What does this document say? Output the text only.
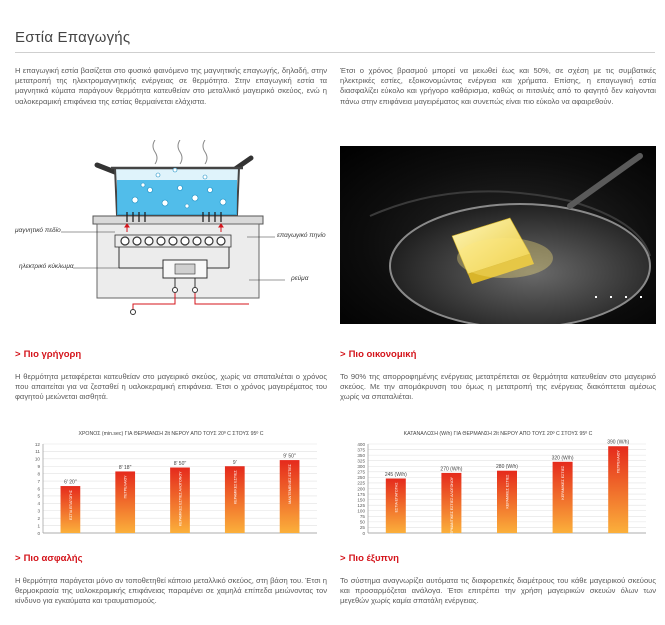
Εστία Επαγωγής
Η επαγωγική εστία βασίζεται στο φυσικό φαινόμενο της μαγνητικής επαγωγής, δηλαδή, στην μετατροπή της ηλεκτρομαγνητικής ενέργειας σε θερμότητα. Στην επαγωγική εστία τα μαγνητικά κύματα παράγουν θερμότητα κατευθείαν στο μεταλλικό μαγειρικό σκεύος, ενώ η υαλοκεραμική επιφάνεια της εστίας θερμαίνεται ελάχιστα.
Έτσι ο χρόνος βρασμού μπορεί να μειωθεί έως και 50%, σε σχέση με τις συμβατικές ηλεκτρικές εστίες, εξοικονομώντας ενέργεια και χρήματα. Επίσης, η επαγωγική εστία διασφαλίζει εύκολο και γρήγορο καθάρισμα, καθώς οι πιτσιλιές από το φαγητό δεν καίγονται πάνω στην επιφάνεια μαγειρέματος και συνεπώς είναι πιο εύκολο να αφαιρεθούν.
μαγνητικό πεδίο
επαγωγικό πηνίο
ηλεκτρικό κύκλωμα
ρεύμα
> Πιο γρήγορη
Η θερμότητα μεταφέρεται κατευθείαν στο μαγειρικό σκεύος, χωρίς να σπαταλιέται ο χρόνος που απαιτείται για να ζεσταθεί η υαλοκεραμική επιφάνεια. Έτσι ο χρόνος μαγειρέματος του φαγητού μειώνεται αισθητά.
> Πιο οικονομική
Το 90% της απορροφημένης ενέργειας μετατρέπεται σε θερμότητα κατευθείαν στο μαγειρικό σκεύος. Με την απομάκρυνση του όμως η μετατροπή της ενέργειας διακόπτεται αμέσως χωρίς να σπαταλιέται.
ΧΡΟΝΟΣ (min.sec) ΓΙΑ ΘΕΡΜΑΝΣΗ 2lt ΝΕΡΟΥ ΑΠΟ ΤΟΥΣ 20º C ΣΤΟΥΣ 95º C
0
1
2
3
4
5
6
7
8
9
10
11
12
6' 20''
ΕΣΤΙΑ ΕΠΑΓΩΓΗΣ
8' 18''
ΠΕΤΡΕΛΑΙΟΥ
8' 50''
ΚΕΡΑΜΙΚΕΣ ΕΣΤΙΕΣ ΑΛΟΓΟΝΟΥ
9'
ΚΕΡΑΜΙΚΕΣ ΕΣΤΙΕΣ
9' 50''
ΜΑΝΤΕΜΕΝΙΕΣ ΕΣΤΙΕΣ
ΚΑΤΑΝΑΛΩΣΗ (W/h) ΓΙΑ ΘΕΡΜΑΝΣΗ 2lt ΝΕΡΟΥ ΑΠΟ ΤΟΥΣ 20º C ΣΤΟΥΣ 95º C
0
25
50
75
100
125
150
175
200
225
250
275
300
325
350
375
400
245 (W/h)
ΕΣΤΙΑ ΕΠΑΓΩΓΗΣ
270 (W/h)
ΘΕΡΜΑΝΤΙΚΕΣ ΕΣΤΙΕΣ ΑΛΟΓΟΝΟΥ
280 (W/h)
ΚΕΡΑΜΙΚΕΣ ΕΣΤΙΕΣ
320 (W/h)
ΚΕΡΑΜΙΚΕΣ ΕΣΤΙΕΣ
390 (W/h)
ΠΕΤΡΕΛΑΙΟΥ
> Πιο ασφαλής
Η θερμότητα παράγεται μόνο αν τοποθετηθεί κάποιο μεταλλικό σκεύος, στη βάση του. Έτσι η θερμοκρασία της υαλοκεραμικής επιφάνειας παραμένει σε χαμηλά επίπεδα μειώνοντας τον κίνδυνο για εγκαύματα και τραυματισμούς.
> Πιο έξυπνη
Το σύστημα αναγνωρίζει αυτόματα τις διαφορετικές διαμέτρους του κάθε μαγειρικού σκεύους και προσαρμόζεται ανάλογα. Έτσι επιτρέπει την χρήση μαγειρικών σκευών όλων των μεγεθών χωρίς καμία σπατάλη ενέργειας.
